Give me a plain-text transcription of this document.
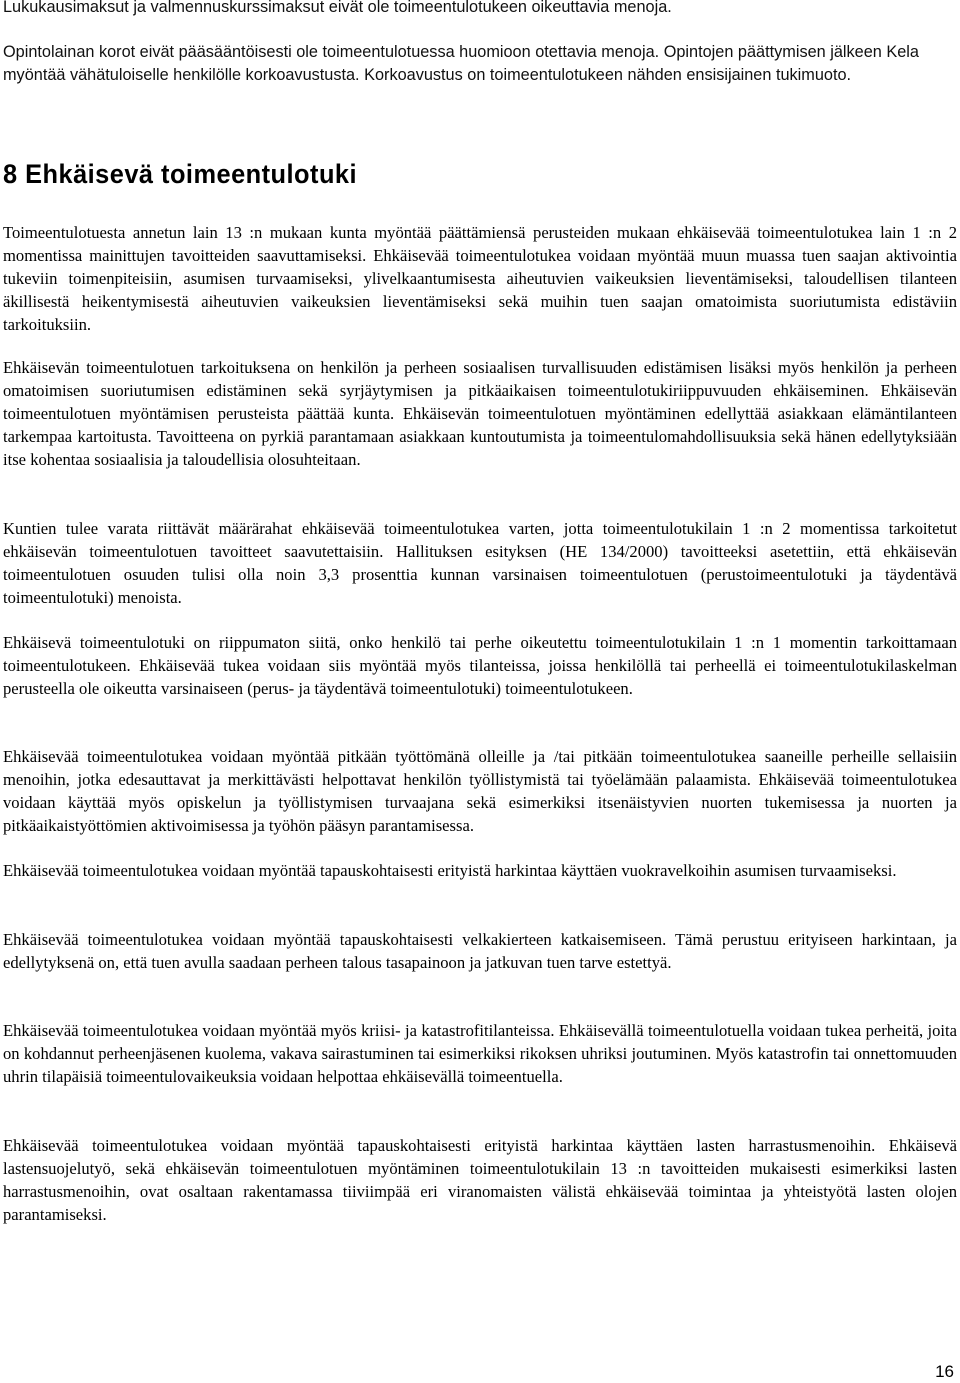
Lukukausimaksut ja valmennuskurssimaksut eivät ole toimeentulotukeen oikeuttavia menoja.

Opintolainan korot eivät pääsääntöisesti ole toimeentulotuessa huomioon otettavia menoja. Opintojen päättymisen jälkeen Kela myöntää vähätuloiselle henkilölle korkoavustusta. Korkoavustus on toimeentulotukeen nähden ensisijainen tukimuoto.

8 Ehkäisevä toimeentulotuki

Toimeentulotuesta annetun lain 13 :n mukaan kunta myöntää päättämiensä perusteiden mukaan ehkäisevää toimeentulotukea lain 1 :n 2 momentissa mainittujen tavoitteiden saavuttamiseksi. Ehkäisevää toimeentulotukea voidaan myöntää muun muassa tuen saajan aktivointia tukeviin toimenpiteisiin, asumisen turvaamiseksi, ylivelkaantumisesta aiheutuvien vaikeuksien lieventämiseksi, taloudellisen tilanteen äkillisestä heikentymisestä aiheutuvien vaikeuksien lieventämiseksi sekä muihin tuen saajan omatoimista suoriutumista edistäviin tarkoituksiin.

Ehkäisevän toimeentulotuen tarkoituksena on henkilön ja perheen sosiaalisen turvallisuuden edistämisen lisäksi myös henkilön ja perheen omatoimisen suoriutumisen edistäminen sekä syrjäytymisen ja pitkäaikaisen toimeentulotukiriippuvuuden ehkäiseminen. Ehkäisevän toimeentulotuen myöntämisen perusteista päättää kunta. Ehkäisevän toimeentulotuen myöntäminen edellyttää asiakkaan elämäntilanteen tarkempaa kartoitusta. Tavoitteena on pyrkiä parantamaan asiakkaan kuntoutumista ja toimeentulomahdollisuuksia sekä hänen edellytyksiään itse kohentaa sosiaalisia ja taloudellisia olosuhteitaan.

Kuntien tulee varata riittävät määrärahat ehkäisevää toimeentulotukea varten, jotta toimeentulotukilain 1 :n 2 momentissa tarkoitetut ehkäisevän toimeentulotuen tavoitteet saavutettaisiin. Hallituksen esityksen (HE 134/2000) tavoitteeksi asetettiin, että ehkäisevän toimeentulotuen osuuden tulisi olla noin 3,3 prosenttia kunnan varsinaisen toimeentulotuen (perustoimeentulotuki ja täydentävä toimeentulotuki) menoista.

Ehkäisevä toimeentulotuki on riippumaton siitä, onko henkilö tai perhe oikeutettu toimeentulotukilain 1 :n 1 momentin tarkoittamaan toimeentulotukeen. Ehkäisevää tukea voidaan siis myöntää myös tilanteissa, joissa henkilöllä tai perheellä ei toimeentulotukilaskelman perusteella ole oikeutta varsinaiseen (perus- ja täydentävä toimeentulotuki) toimeentulotukeen.

Ehkäisevää toimeentulotukea voidaan myöntää pitkään työttömänä olleille ja /tai pitkään toimeentulotukea saaneille perheille sellaisiin menoihin, jotka edesauttavat ja merkittävästi helpottavat henkilön työllistymistä tai työelämään palaamista. Ehkäisevää toimeentulotukea voidaan käyttää myös opiskelun ja työllistymisen turvaajana sekä esimerkiksi itsenäistyvien nuorten tukemisessa ja nuorten ja pitkäaikaistyöttömien aktivoimisessa ja työhön pääsyn parantamisessa.

Ehkäisevää toimeentulotukea voidaan myöntää tapauskohtaisesti erityistä harkintaa käyttäen vuokravelkoihin asumisen turvaamiseksi.

Ehkäisevää toimeentulotukea voidaan myöntää tapauskohtaisesti velkakierteen katkaisemiseen. Tämä perustuu erityiseen harkintaan, ja edellytyksenä on, että tuen avulla saadaan perheen talous tasapainoon ja jatkuvan tuen tarve estettyä.

Ehkäisevää toimeentulotukea voidaan myöntää myös kriisi- ja katastrofitilanteissa. Ehkäisevällä toimeentulotuella voidaan tukea perheitä, joita on kohdannut perheenjäsenen kuolema, vakava sairastuminen tai esimerkiksi rikoksen uhriksi joutuminen. Myös katastrofin tai onnettomuuden uhrin tilapäisiä toimeentulovaikeuksia voidaan helpottaa ehkäisevällä toimeentuella.

Ehkäisevää toimeentulotukea voidaan myöntää tapauskohtaisesti erityistä harkintaa käyttäen lasten harrastusmenoihin. Ehkäisevä lastensuojelutyö, sekä ehkäisevän toimeentulotuen myöntäminen toimeentulotukilain 13 :n tavoitteiden mukaisesti esimerkiksi lasten harrastusmenoihin, ovat osaltaan rakentamassa tiiviimpää eri viranomaisten välistä ehkäisevää toimintaa ja yhteistyötä lasten olojen parantamiseksi.

16
